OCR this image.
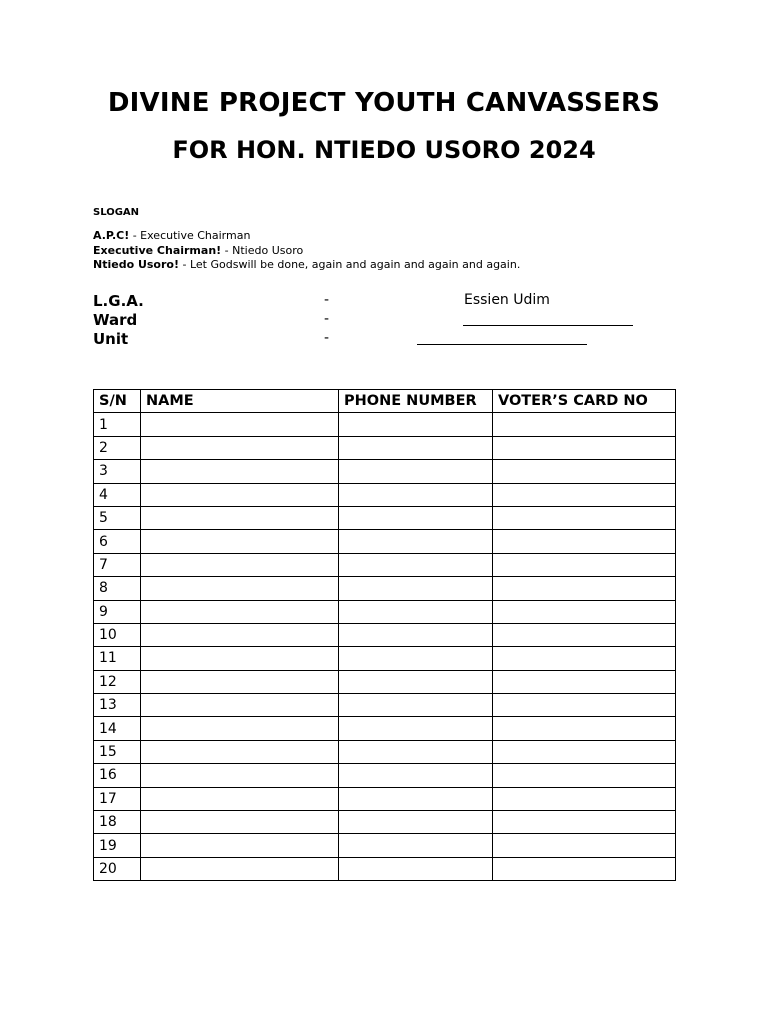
DIVINE PROJECT YOUTH CANVASSERS
FOR HON. NTIEDO USORO 2024
SLOGAN
A.P.C! - Executive Chairman
Executive Chairman! - Ntiedo Usoro
Ntiedo Usoro! - Let Godswill be done, again and again and again and again.
L.G.A.	-	Essien Udim
Ward	-
Unit	-
S/N	NAME	PHONE NUMBER	VOTER’S CARD NO
1			
2			
3			
4			
5			
6			
7			
8			
9			
10			
11			
12			
13			
14			
15			
16			
17			
18			
19			
20			
